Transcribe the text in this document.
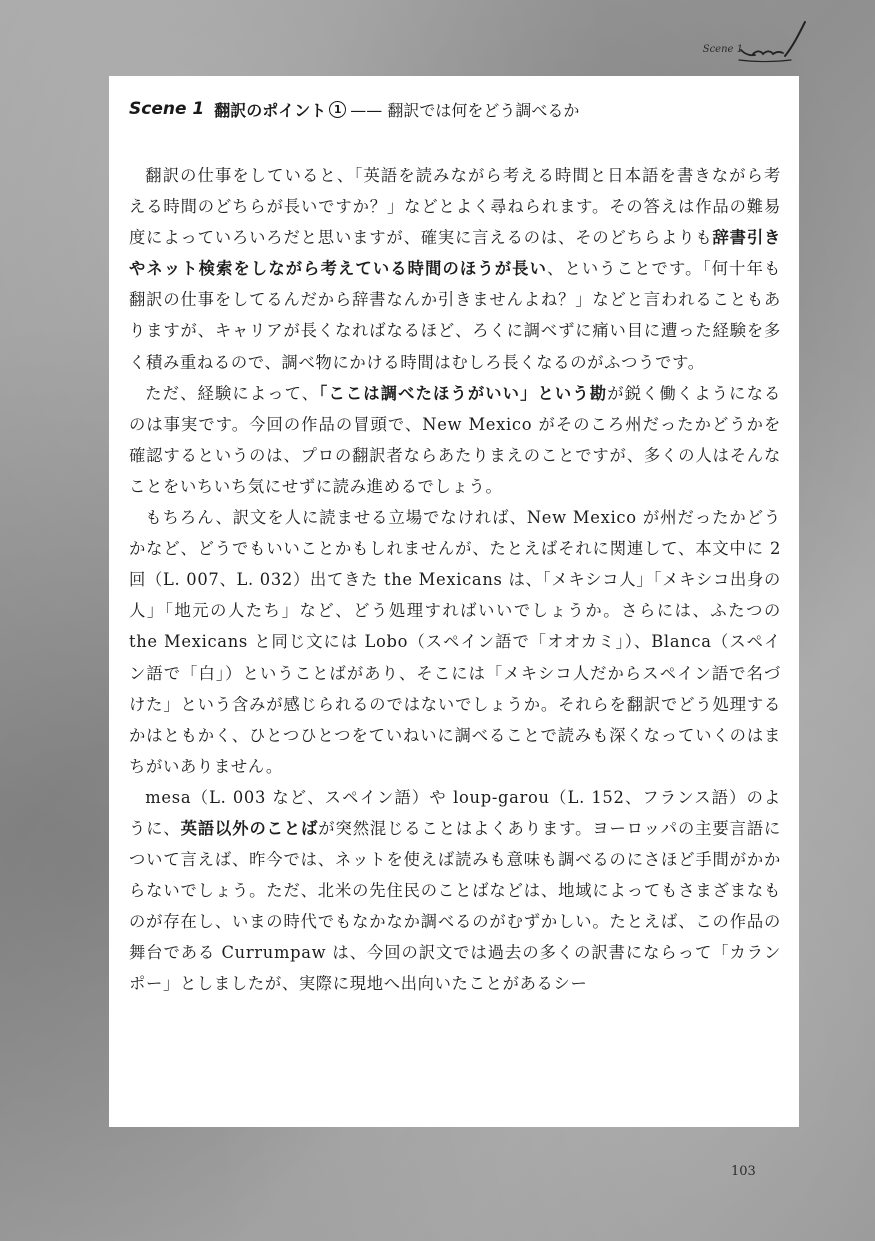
Scene 1
Scene 1 翻訳のポイント 1 —— 翻訳では何をどう調べるか

翻訳の仕事をしていると、「英語を読みながら考える時間と日本語を書きながら考える時間のどちらが長いですか？」などとよく尋ねられます。その答えは作品の難易度によっていろいろだと思いますが、確実に言えるのは、そのどちらよりも辞書引きやネット検索をしながら考えている時間のほうが長い、ということです。「何十年も翻訳の仕事をしてるんだから辞書なんか引きませんよね？」などと言われることもありますが、キャリアが長くなればなるほど、ろくに調べずに痛い目に遭った経験を多く積み重ねるので、調べ物にかける時間はむしろ長くなるのがふつうです。

ただ、経験によって、「ここは調べたほうがいい」という勘が鋭く働くようになるのは事実です。今回の作品の冒頭で、New Mexico がそのころ州だったかどうかを確認するというのは、プロの翻訳者ならあたりまえのことですが、多くの人はそんなことをいちいち気にせずに読み進めるでしょう。

もちろん、訳文を人に読ませる立場でなければ、New Mexico が州だったかどうかなど、どうでもいいことかもしれませんが、たとえばそれに関連して、本文中に 2 回（L. 007、L. 032）出てきた the Mexicans は、「メキシコ人」「メキシコ出身の人」「地元の人たち」など、どう処理すればいいでしょうか。さらには、ふたつの the Mexicans と同じ文には Lobo（スペイン語で「オオカミ」）、Blanca（スペイン語で「白」）ということばがあり、そこには「メキシコ人だからスペイン語で名づけた」という含みが感じられるのではないでしょうか。それらを翻訳でどう処理するかはともかく、ひとつひとつをていねいに調べることで読みも深くなっていくのはまちがいありません。

mesa（L. 003 など、スペイン語）や loup-garou（L. 152、フランス語）のように、英語以外のことばが突然混じることはよくあります。ヨーロッパの主要言語について言えば、昨今では、ネットを使えば読みも意味も調べるのにさほど手間がかからないでしょう。ただ、北米の先住民のことばなどは、地域によってもさまざまなものが存在し、いまの時代でもなかなか調べるのがむずかしい。たとえば、この作品の舞台である Currumpaw は、今回の訳文では過去の多くの訳書にならって「カランポー」としましたが、実際に現地へ出向いたことがあるシー

103
